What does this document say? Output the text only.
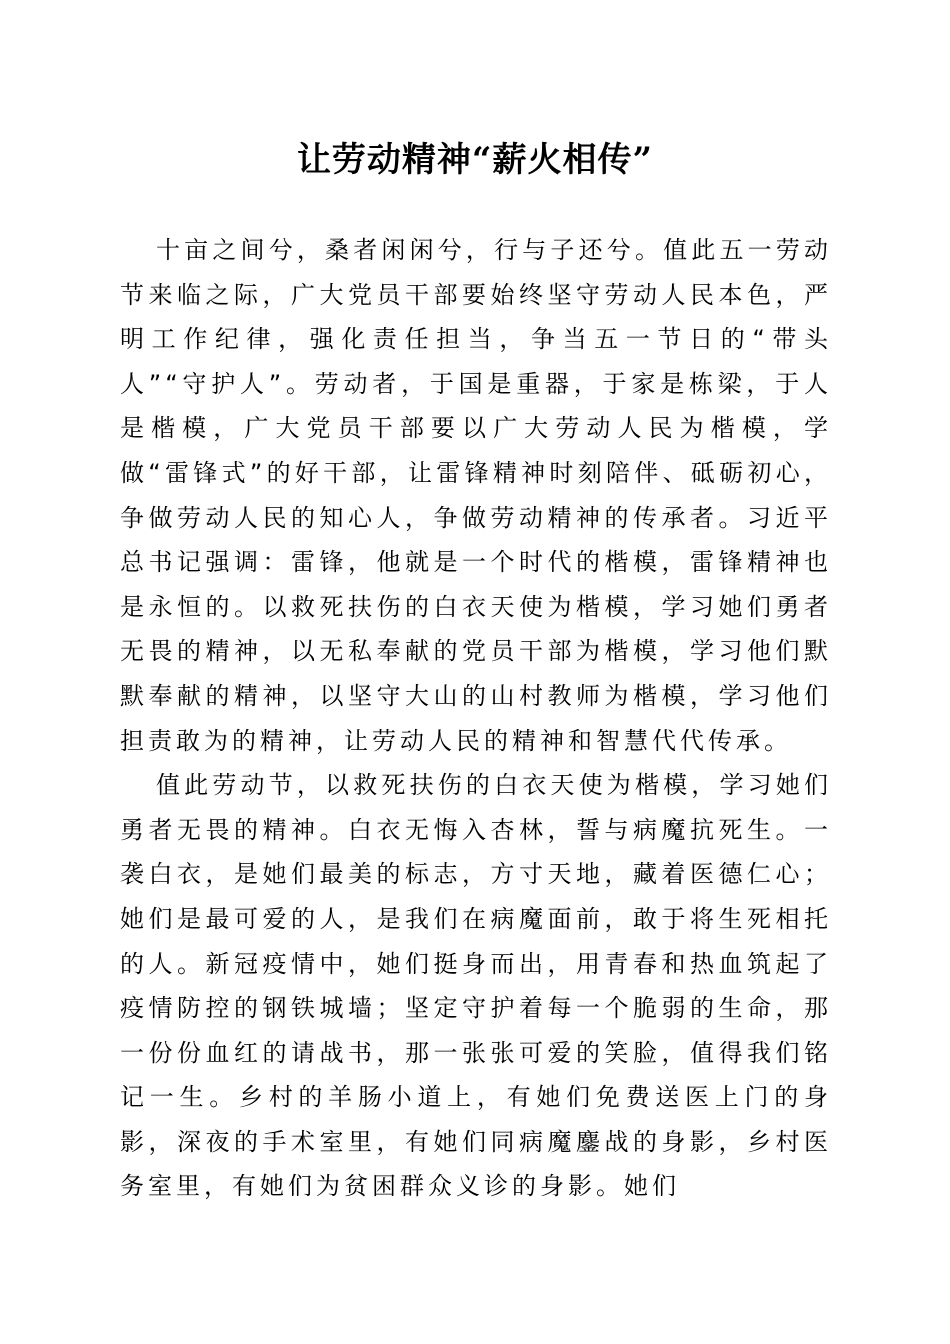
让劳动精神“薪火相传”

十亩之间兮，桑者闲闲兮，行与子还兮。值此五一劳动节来临之际，广大党员干部要始终坚守劳动人民本色，严明工作纪律，强化责任担当，争当五一节日的“带头人”“守护人”。劳动者，于国是重器，于家是栋梁，于人是楷模，广大党员干部要以广大劳动人民为楷模，学做“雷锋式”的好干部，让雷锋精神时刻陪伴、砥砺初心，争做劳动人民的知心人，争做劳动精神的传承者。习近平总书记强调：雷锋，他就是一个时代的楷模，雷锋精神也是永恒的。以救死扶伤的白衣天使为楷模，学习她们勇者无畏的精神，以无私奉献的党员干部为楷模，学习他们默默奉献的精神，以坚守大山的山村教师为楷模，学习他们担责敢为的精神，让劳动人民的精神和智慧代代传承。

值此劳动节，以救死扶伤的白衣天使为楷模，学习她们勇者无畏的精神。白衣无悔入杏林，誓与病魔抗死生。一袭白衣，是她们最美的标志，方寸天地，藏着医德仁心；她们是最可爱的人，是我们在病魔面前，敢于将生死相托的人。新冠疫情中，她们挺身而出，用青春和热血筑起了疫情防控的钢铁城墙；坚定守护着每一个脆弱的生命，那一份份血红的请战书，那一张张可爱的笑脸，值得我们铭记一生。乡村的羊肠小道上，有她们免费送医上门的身影，深夜的手术室里，有她们同病魔鏖战的身影，乡村医务室里，有她们为贫困群众义诊的身影。她们
